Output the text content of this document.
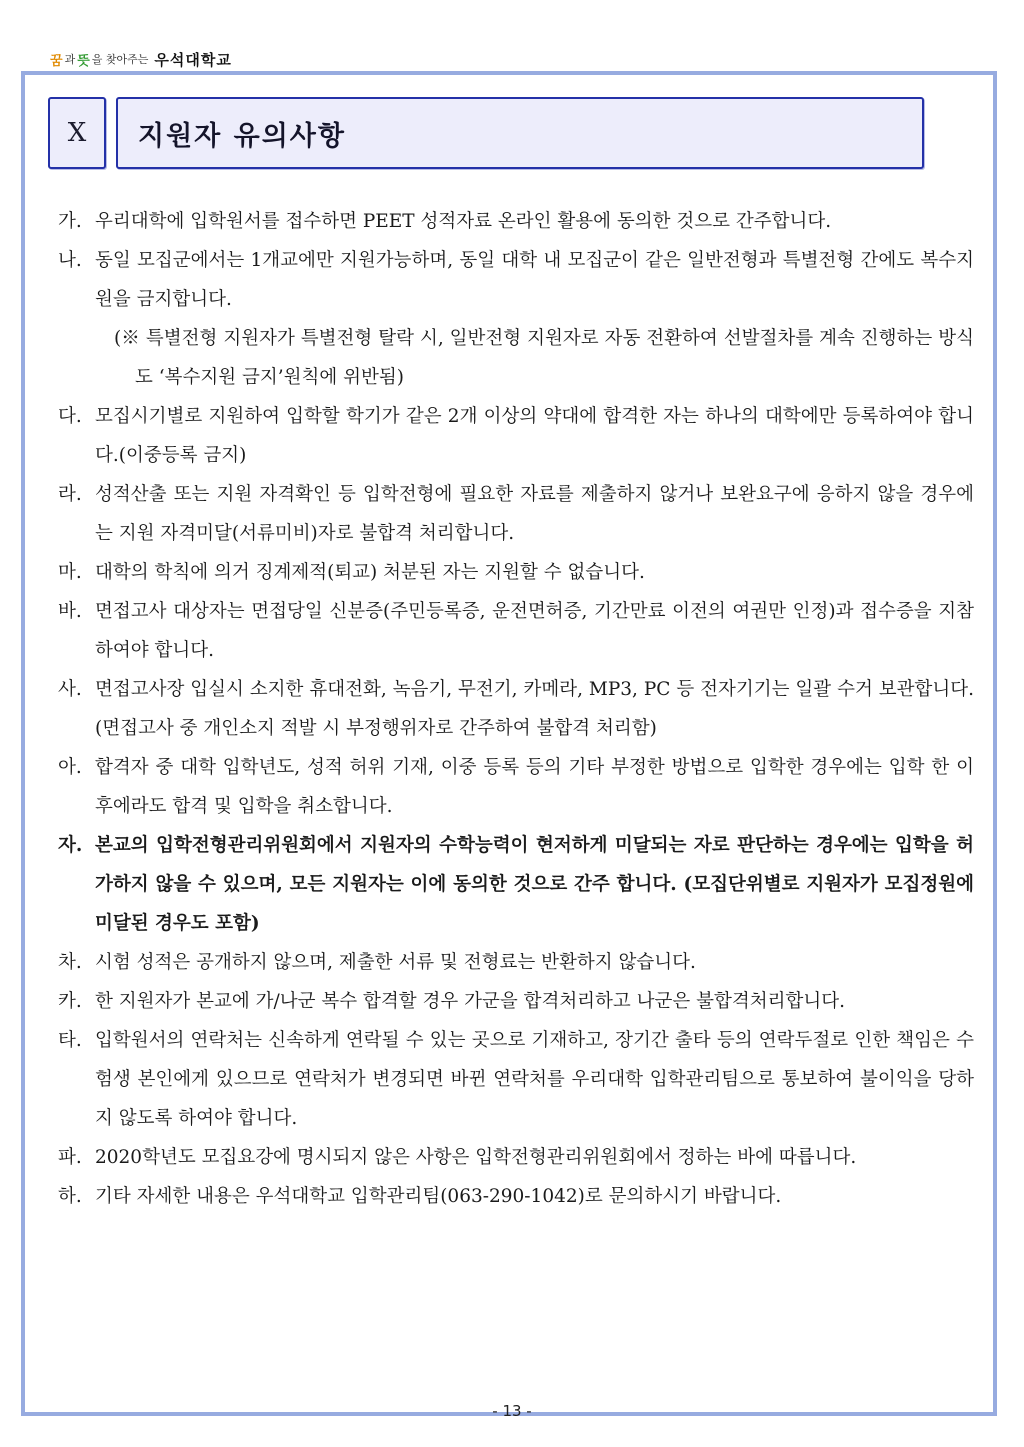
꿈 과 뜻 을 찾아주는 우석대학교
X	지원자 유의사항
가. 우리대학에 입학원서를 접수하면 PEET 성적자료 온라인 활용에 동의한 것으로 간주합니다.
나. 동일 모집군에서는 1개교에만 지원가능하며, 동일 대학 내 모집군이 같은 일반전형과 특별전형 간에도 복수지원을 금지합니다.
(※ 특별전형 지원자가 특별전형 탈락 시, 일반전형 지원자로 자동 전환하여 선발절차를 계속 진행하는 방식도 ‘복수지원 금지’원칙에 위반됨)
다. 모집시기별로 지원하여 입학할 학기가 같은 2개 이상의 약대에 합격한 자는 하나의 대학에만 등록하여야 합니다.(이중등록 금지)
라. 성적산출 또는 지원 자격확인 등 입학전형에 필요한 자료를 제출하지 않거나 보완요구에 응하지 않을 경우에는 지원 자격미달(서류미비)자로 불합격 처리합니다.
마. 대학의 학칙에 의거 징계제적(퇴교) 처분된 자는 지원할 수 없습니다.
바. 면접고사 대상자는 면접당일 신분증(주민등록증, 운전면허증, 기간만료 이전의 여권만 인정)과 접수증을 지참하여야 합니다.
사. 면접고사장 입실시 소지한 휴대전화, 녹음기, 무전기, 카메라, MP3, PC 등 전자기기는 일괄 수거 보관합니다. (면접고사 중 개인소지 적발 시 부정행위자로 간주하여 불합격 처리함)
아. 합격자 중 대학 입학년도, 성적 허위 기재, 이중 등록 등의 기타 부정한 방법으로 입학한 경우에는 입학 한 이후에라도 합격 및 입학을 취소합니다.
자. 본교의 입학전형관리위원회에서 지원자의 수학능력이 현저하게 미달되는 자로 판단하는 경우에는 입학을 허가하지 않을 수 있으며, 모든 지원자는 이에 동의한 것으로 간주 합니다. (모집단위별로 지원자가 모집정원에 미달된 경우도 포함)
차. 시험 성적은 공개하지 않으며, 제출한 서류 및 전형료는 반환하지 않습니다.
카. 한 지원자가 본교에 가/나군 복수 합격할 경우 가군을 합격처리하고 나군은 불합격처리합니다.
타. 입학원서의 연락처는 신속하게 연락될 수 있는 곳으로 기재하고, 장기간 출타 등의 연락두절로 인한 책임은 수험생 본인에게 있으므로 연락처가 변경되면 바뀐 연락처를 우리대학 입학관리팀으로 통보하여 불이익을 당하지 않도록 하여야 합니다.
파. 2020학년도 모집요강에 명시되지 않은 사항은 입학전형관리위원회에서 정하는 바에 따릅니다.
하. 기타 자세한 내용은 우석대학교 입학관리팀(063-290-1042)로 문의하시기 바랍니다.
- 13 -
